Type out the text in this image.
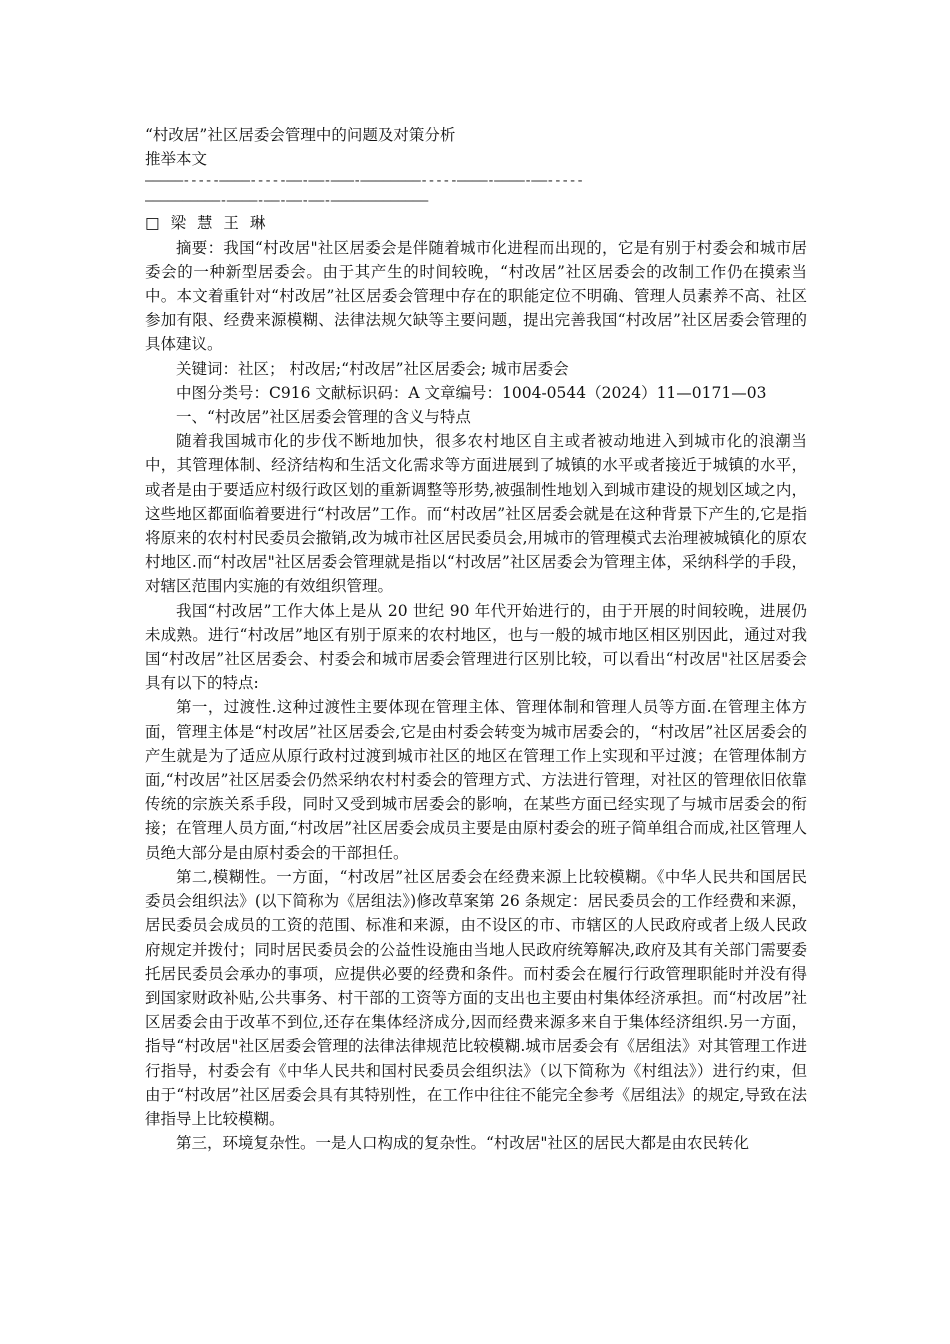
“村改居”社区居委会管理中的问题及对策分析
推举本文
—————-----————-----——-——-———-————————-----————-————-——-----
——————————-————-——-——-——-—————————————
□ 梁 慧 王 琳

摘要：我国“村改居"社区居委会是伴随着城市化进程而出现的，它是有别于村委会和城市居委会的一种新型居委会。由于其产生的时间较晚，“村改居”社区居委会的改制工作仍在摸索当中。本文着重针对“村改居”社区居委会管理中存在的职能定位不明确、管理人员素养不高、社区参加有限、经费来源模糊、法律法规欠缺等主要问题，提出完善我国“村改居”社区居委会管理的具体建议。

关键词：社区； 村改居;“村改居”社区居委会; 城市居委会

中图分类号：C916 文献标识码：A 文章编号：1004-0544（2024）11—0171—03

一、“村改居”社区居委会管理的含义与特点

随着我国城市化的步伐不断地加快，很多农村地区自主或者被动地进入到城市化的浪潮当中，其管理体制、经济结构和生活文化需求等方面进展到了城镇的水平或者接近于城镇的水平，或者是由于要适应村级行政区划的重新调整等形势,被强制性地划入到城市建设的规划区域之内，这些地区都面临着要进行“村改居”工作。而“村改居”社区居委会就是在这种背景下产生的,它是指将原来的农村村民委员会撤销,改为城市社区居民委员会,用城市的管理模式去治理被城镇化的原农村地区.而“村改居"社区居委会管理就是指以“村改居”社区居委会为管理主体，采纳科学的手段，对辖区范围内实施的有效组织管理。

我国“村改居”工作大体上是从 20 世纪 90 年代开始进行的，由于开展的时间较晚，进展仍未成熟。进行“村改居”地区有别于原来的农村地区，也与一般的城市地区相区别因此，通过对我国“村改居”社区居委会、村委会和城市居委会管理进行区别比较，可以看出“村改居"社区居委会具有以下的特点:

第一，过渡性.这种过渡性主要体现在管理主体、管理体制和管理人员等方面.在管理主体方面，管理主体是“村改居”社区居委会,它是由村委会转变为城市居委会的，“村改居”社区居委会的产生就是为了适应从原行政村过渡到城市社区的地区在管理工作上实现和平过渡；在管理体制方面,“村改居”社区居委会仍然采纳农村村委会的管理方式、方法进行管理，对社区的管理依旧依靠传统的宗族关系手段，同时又受到城市居委会的影响，在某些方面已经实现了与城市居委会的衔接；在管理人员方面,“村改居”社区居委会成员主要是由原村委会的班子简单组合而成,社区管理人员绝大部分是由原村委会的干部担任。

第二,模糊性。一方面，“村改居”社区居委会在经费来源上比较模糊。《中华人民共和国居民委员会组织法》(以下简称为《居组法》)修改草案第 26 条规定：居民委员会的工作经费和来源，居民委员会成员的工资的范围、标准和来源，由不设区的市、市辖区的人民政府或者上级人民政府规定并拨付；同时居民委员会的公益性设施由当地人民政府统筹解决,政府及其有关部门需要委托居民委员会承办的事项，应提供必要的经费和条件。而村委会在履行行政管理职能时并没有得到国家财政补贴,公共事务、村干部的工资等方面的支出也主要由村集体经济承担。而“村改居”社区居委会由于改革不到位,还存在集体经济成分,因而经费来源多来自于集体经济组织.另一方面，指导“村改居"社区居委会管理的法律法律规范比较模糊.城市居委会有《居组法》对其管理工作进行指导，村委会有《中华人民共和国村民委员会组织法》（以下简称为《村组法》）进行约束，但由于“村改居”社区居委会具有其特别性，在工作中往往不能完全参考《居组法》的规定,导致在法律指导上比较模糊。

第三，环境复杂性。一是人口构成的复杂性。“村改居"社区的居民大都是由农民转化
